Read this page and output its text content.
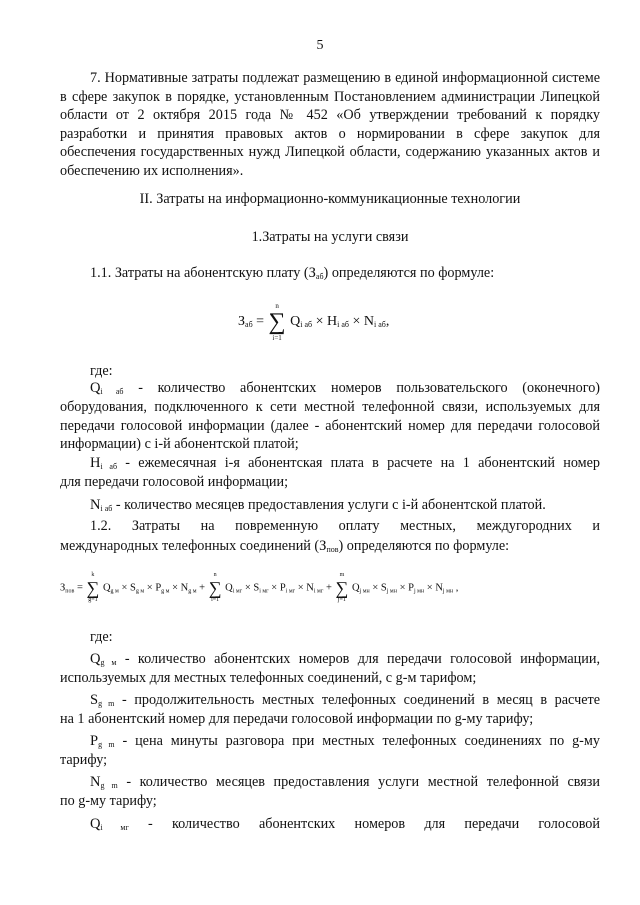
5
7. Нормативные затраты подлежат размещению в единой информационной системе в сфере закупок в порядке, установленным Постановлением администрации Липецкой области от 2 октября 2015 года № 452 «Об утверждении требований к порядку разработки и принятия правовых актов о нормировании в сфере закупок для обеспечения государственных нужд Липецкой области, содержанию указанных актов и обеспечению их исполнения».
II. Затраты на информационно-коммуникационные технологии
1.Затраты на услуги связи
1.1. Затраты на абонентскую плату $(З_{аб})$ определяются по формуле:
$З_{аб}$ =
n
∑
i=1
$Q_{i аб} \times H_{i аб} \times N_{i аб}$,
где:
$Q_{i аб}$ - количество абонентских номеров пользовательского (оконечного)
оборудования, подключенного к сети местной телефонной связи, используемых для передачи голосовой информации (далее - абонентский номер для передачи голосовой информации) с i-й абонентской платой;
$H_{i аб}$ - ежемесячная i-я абонентская плата в расчете на 1 абонентский номер
для передачи голосовой информации;
$N_{i аб}$ - количество месяцев предоставления услуги с i-й абонентской платой.
1.2. Затраты на повременную оплату местных, междугородних и
международных телефонных соединений $(З_{пов})$ определяются по формуле:
$З_{пов}$ =
k
∑
g=1
$Q_{g м} \times S_{g м} \times P_{g м} \times N_{g м}$ +
n
∑
i=1
$Q_{i мг} \times S_{i мг} \times P_{i мг} \times N_{i мг}$ +
m
∑
j=1
$Q_{j мн} \times S_{j мн} \times P_{j мн} \times N_{j мн}$ ,
где:
$Q_{g м}$ - количество абонентских номеров для передачи голосовой информации,
используемых для местных телефонных соединений, с g-м тарифом;
$S_{g m}$ - продолжительность местных телефонных соединений в месяц в расчете
на 1 абонентский номер для передачи голосовой информации по g-му тарифу;
$P_{g m}$ - цена минуты разговора при местных телефонных соединениях по g-му
тарифу;
$N_{g m}$ - количество месяцев предоставления услуги местной телефонной связи
по g-му тарифу;
$Q_{i мг}$ - количество абонентских номеров для передачи голосовой
